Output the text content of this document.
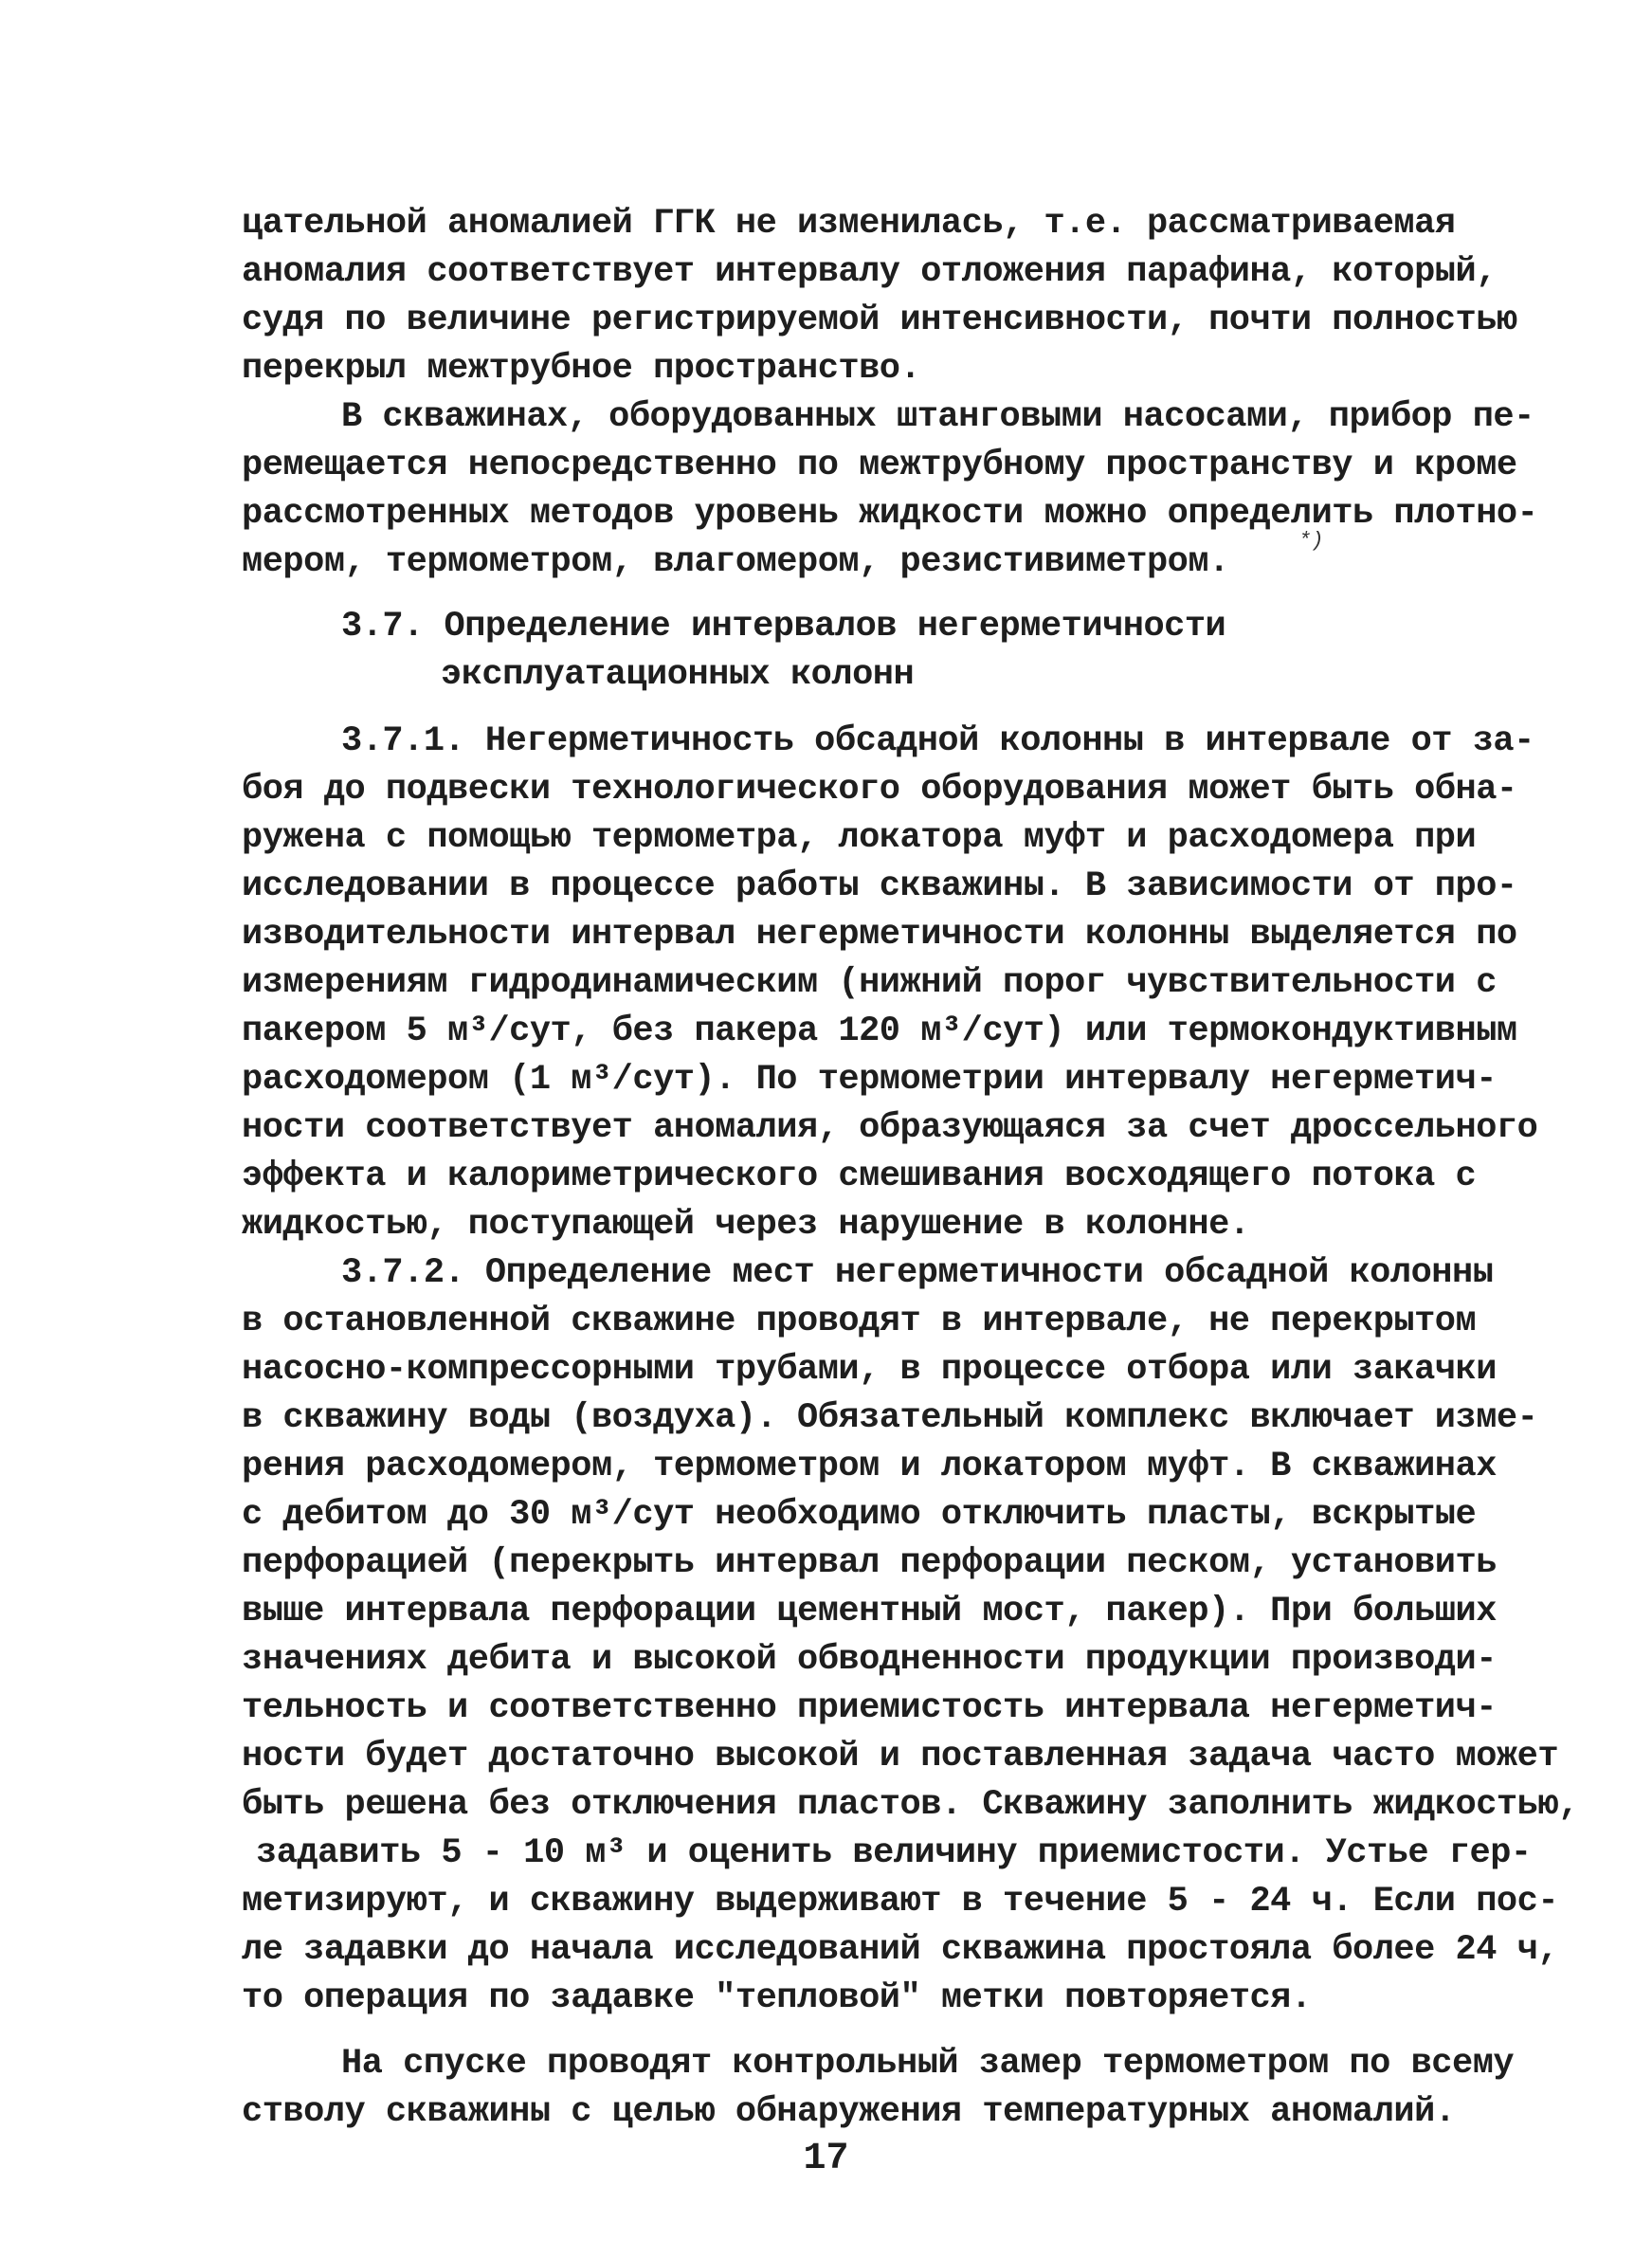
цательной аномалией ГГК не изменилась, т.е. рассматриваемая
аномалия соответствует интервалу отложения парафина, который,
судя по величине регистрируемой интенсивности, почти полностью
перекрыл межтрубное пространство.
В скважинах, оборудованных штанговыми насосами, прибор пе-
ремещается непосредственно по межтрубному пространству и кроме
рассмотренных методов уровень жидкости можно определить плотно-
*)
мером, термометром, влагомером, резистивиметром.
3.7. Определение интервалов негерметичности
эксплуатационных колонн
3.7.1. Негерметичность обсадной колонны в интервале от за-
боя до подвески технологического оборудования может быть обна-
ружена с помощью термометра, локатора муфт и расходомера при
исследовании в процессе работы скважины. В зависимости от про-
изводительности интервал негерметичности колонны выделяется по
измерениям гидродинамическим (нижний порог чувствительности с
пакером 5 м³/сут, без пакера 120 м³/сут) или термокондуктивным
расходомером (1 м³/сут). По термометрии интервалу негерметич-
ности соответствует аномалия, образующаяся за счет дроссельного
эффекта и калориметрического смешивания восходящего потока с
жидкостью, поступающей через нарушение в колонне.
3.7.2. Определение мест негерметичности обсадной колонны
в остановленной скважине проводят в интервале, не перекрытом
насосно-компрессорными трубами, в процессе отбора или закачки
в скважину воды (воздуха). Обязательный комплекс включает изме-
рения расходомером, термометром и локатором муфт. В скважинах
с дебитом до 30 м³/сут необходимо отключить пласты, вскрытые
перфорацией (перекрыть интервал перфорации песком, установить
выше интервала перфорации цементный мост, пакер). При больших
значениях дебита и высокой обводненности продукции производи-
тельность и соответственно приемистость интервала негерметич-
ности будет достаточно высокой и поставленная задача часто может
быть решена без отключения пластов. Скважину заполнить жидкостью,
задавить 5 - 10 м³ и оценить величину приемистости. Устье гер-
метизируют, и скважину выдерживают в течение 5 - 24 ч. Если пос-
ле задавки до начала исследований скважина простояла более 24 ч,
то операция по задавке "тепловой" метки повторяется.
На спуске проводят контрольный замер термометром по всему
стволу скважины с целью обнаружения температурных аномалий.
17
